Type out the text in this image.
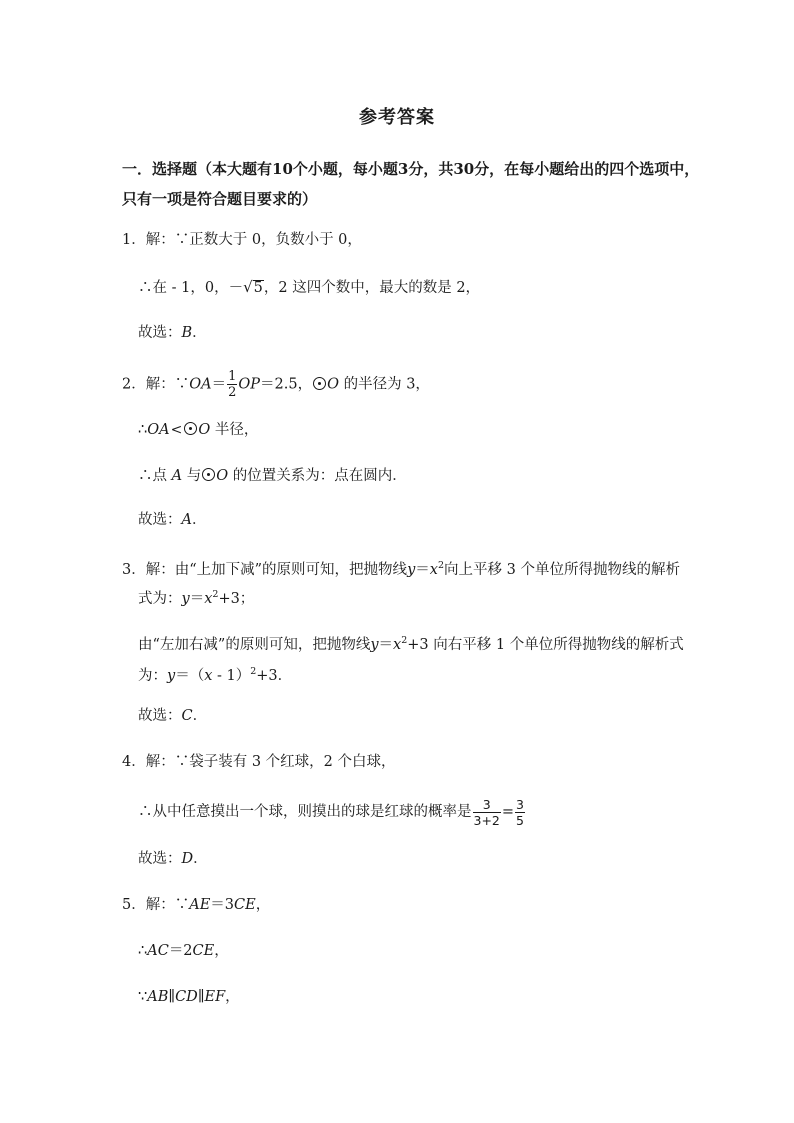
参考答案
一．选择题（本大题有10个小题，每小题3分，共30分，在每小题给出的四个选项中，
只有一项是符合题目要求的）
1．解：∵正数大于 0，负数小于 0，
∴在 - 1，0，－√5，2 这四个数中，最大的数是 2，
故选：B．
2．解：∵OA＝ $\frac{1}{2} OP=2.5$， O 的半径为 3，
∴OA< O 半径，
∴点 A 与 O 的位置关系为：点在圆内．
故选：A．
3．解：由“上加下减”的原则可知，把抛物线$y=x^2$向上平移 3 个单位所得抛物线的解析
式为：$y=x^2+3$；
由“左加右减”的原则可知，把抛物线$y=x^2+3$ 向右平移 1 个单位所得抛物线的解析式
为：y＝（x - 1）$^2$+3．
故选：C．
4．解：∵袋子装有 3 个红球，2 个白球，
∴从中任意摸出一个球，则摸出的球是红球的概率是 $\frac{3}{3+2} = \frac{3}{5}$
故选：D．
5．解：∵AE＝3CE，
∴AC＝2CE，
∵AB∥CD∥EF，
